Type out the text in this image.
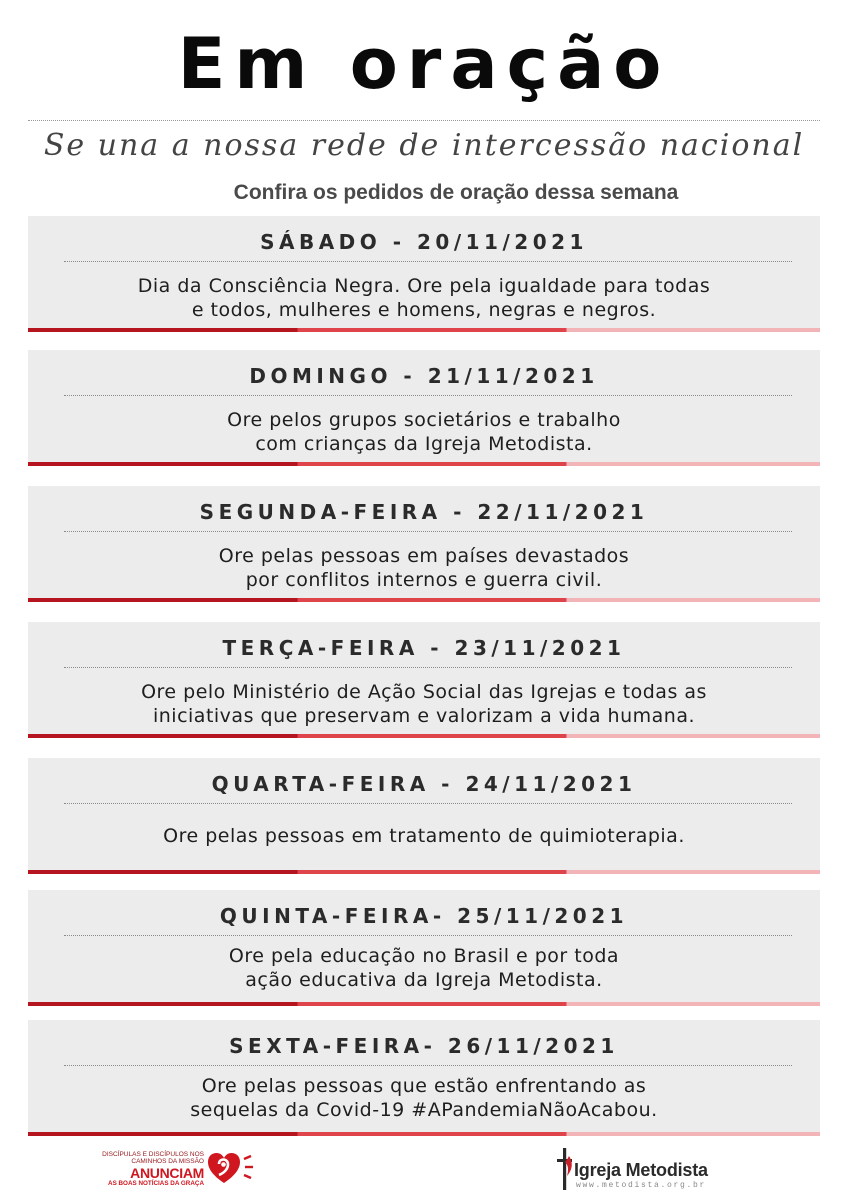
Em oração
Se una a nossa rede de intercessão nacional
Confira os pedidos de oração dessa semana
SÁBADO - 20/11/2021
Dia da Consciência Negra. Ore pela igualdade para todas
e todos, mulheres e homens, negras e negros.
DOMINGO - 21/11/2021
Ore pelos grupos societários e trabalho
com crianças da Igreja Metodista.
SEGUNDA-FEIRA - 22/11/2021
Ore pelas pessoas em países devastados
por conflitos internos e guerra civil.
TERÇA-FEIRA - 23/11/2021
Ore pelo Ministério de Ação Social das Igrejas e todas as
iniciativas que preservam e valorizam a vida humana.
QUARTA-FEIRA - 24/11/2021
Ore pelas pessoas em tratamento de quimioterapia.
QUINTA-FEIRA- 25/11/2021
Ore pela educação no Brasil e por toda
ação educativa da Igreja Metodista.
SEXTA-FEIRA- 26/11/2021
Ore pelas pessoas que estão enfrentando as
sequelas da Covid-19 #APandemiaNãoAcabou.
DISCÍPULAS E DISCÍPULOS NOS
CAMINHOS DA MISSÃO
ANUNCIAM
AS BOAS NOTÍCIAS DA GRAÇA
Igreja Metodista
www.metodista.org.br
